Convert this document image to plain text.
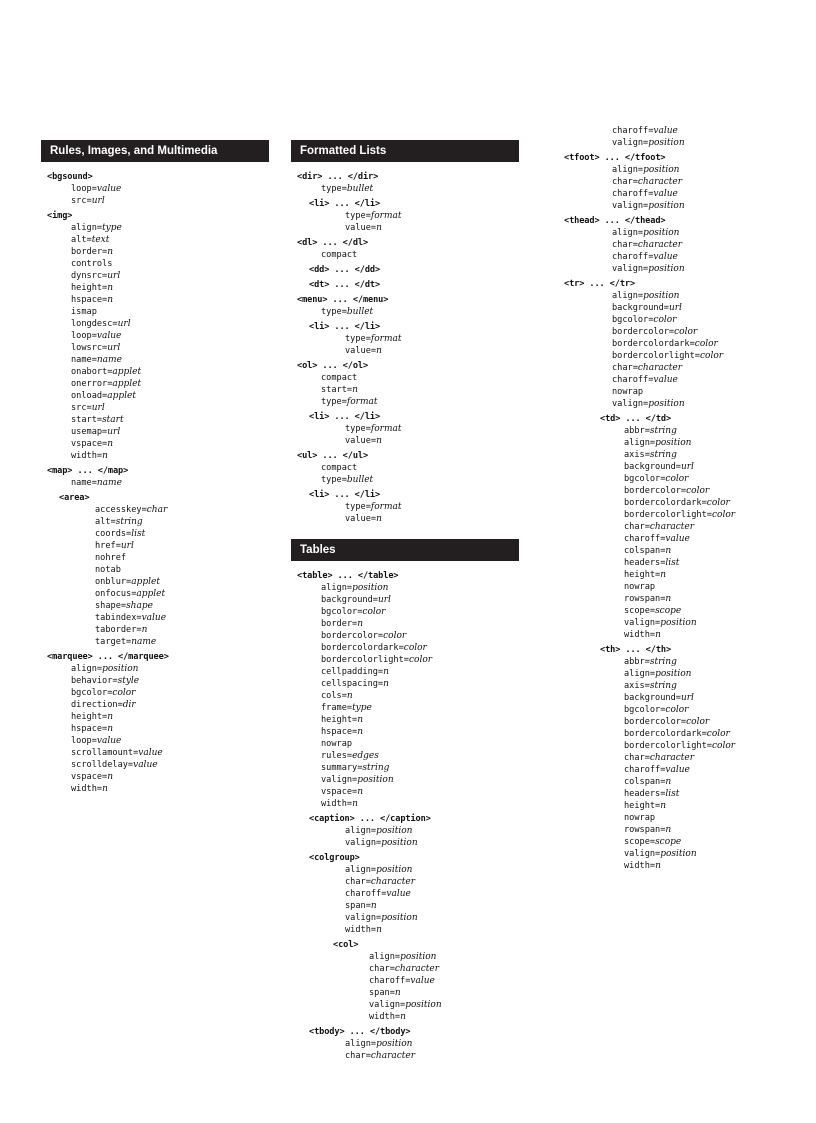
Rules, Images, and Multimedia
<bgsound>
loop=value
src=url
<img>
align=type
alt=text
border=n
controls
dynsrc=url
height=n
hspace=n
ismap
longdesc=url
loop=value
lowsrc=url
name=name
onabort=applet
onerror=applet
onload=applet
src=url
start=start
usemap=url
vspace=n
width=n
<map> ... </map>
name=name
<area>
accesskey=char
alt=string
coords=list
href=url
nohref
notab
onblur=applet
onfocus=applet
shape=shape
tabindex=value
taborder=n
target=name
<marquee> ... </marquee>
align=position
behavior=style
bgcolor=color
direction=dir
height=n
hspace=n
loop=value
scrollamount=value
scrolldelay=value
vspace=n
width=n
Formatted Lists
<dir> ... </dir>
type=bullet
<li> ... </li>
type=format
value=n
<dl> ... </dl>
compact
<dd> ... </dd>
<dt> ... </dt>
<menu> ... </menu>
type=bullet
<li> ... </li>
type=format
value=n
<ol> ... </ol>
compact
start=n
type=format
<li> ... </li>
type=format
value=n
<ul> ... </ul>
compact
type=bullet
<li> ... </li>
type=format
value=n
Tables
<table> ... </table>
align=position
background=url
bgcolor=color
border=n
bordercolor=color
bordercolordark=color
bordercolorlight=color
cellpadding=n
cellspacing=n
cols=n
frame=type
height=n
hspace=n
nowrap
rules=edges
summary=string
valign=position
vspace=n
width=n
<caption> ... </caption>
align=position
valign=position
<colgroup>
align=position
char=character
charoff=value
span=n
valign=position
width=n
<col>
align=position
char=character
charoff=value
span=n
valign=position
width=n
<tbody> ... </tbody>
align=position
char=character
charoff=value
valign=position
<tfoot> ... </tfoot>
align=position
char=character
charoff=value
valign=position
<thead> ... </thead>
align=position
char=character
charoff=value
valign=position
<tr> ... </tr>
align=position
background=url
bgcolor=color
bordercolor=color
bordercolordark=color
bordercolorlight=color
char=character
charoff=value
nowrap
valign=position
<td> ... </td>
abbr=string
align=position
axis=string
background=url
bgcolor=color
bordercolor=color
bordercolordark=color
bordercolorlight=color
char=character
charoff=value
colspan=n
headers=list
height=n
nowrap
rowspan=n
scope=scope
valign=position
width=n
<th> ... </th>
abbr=string
align=position
axis=string
background=url
bgcolor=color
bordercolor=color
bordercolordark=color
bordercolorlight=color
char=character
charoff=value
colspan=n
headers=list
height=n
nowrap
rowspan=n
scope=scope
valign=position
width=n
